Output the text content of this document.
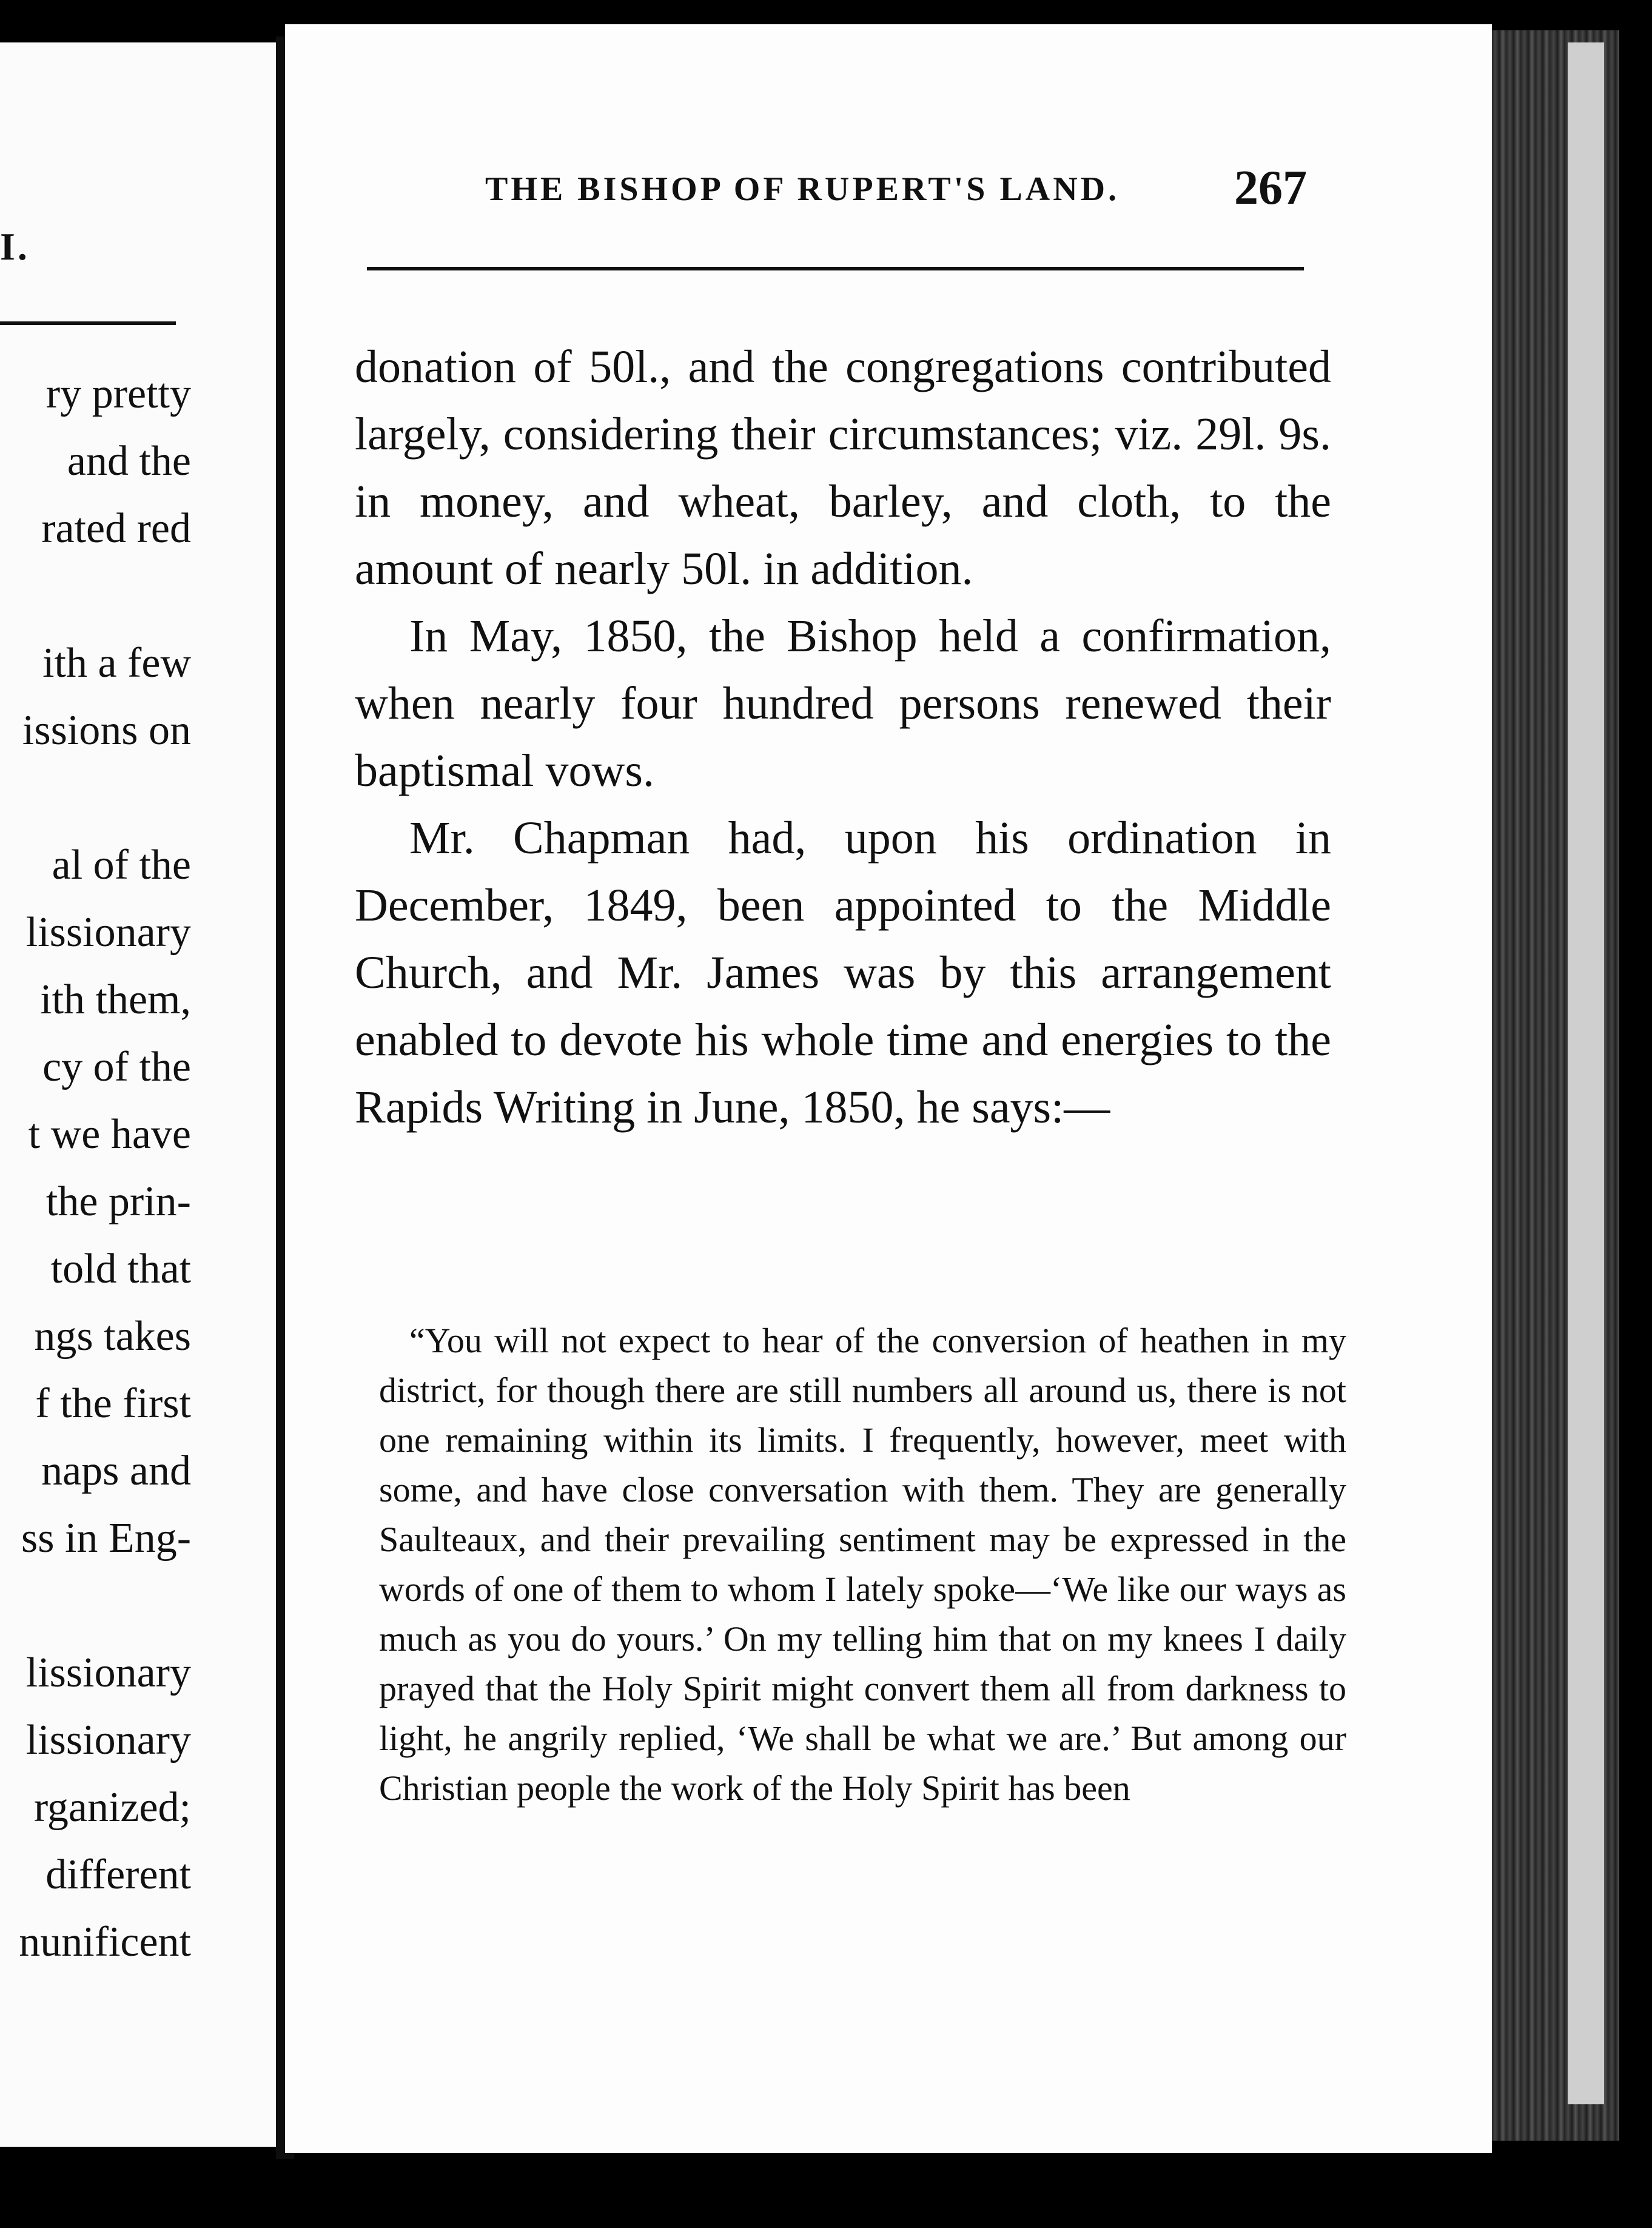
I.
ry pretty
and the
rated red
ith a few
issions on
al of the
lissionary
ith them,
cy of the
t we have
the prin-
told that
ngs takes
f the first
naps and
ss in Eng-
lissionary
lissionary
rganized;
different
nunificent
THE BISHOP OF RUPERT'S LAND. 267

donation of 50l., and the congregations contributed largely, considering their circumstances; viz. 29l. 9s. in money, and wheat, barley, and cloth, to the amount of nearly 50l. in addition.

In May, 1850, the Bishop held a confirmation, when nearly four hundred persons renewed their baptismal vows.

Mr. Chapman had, upon his ordination in December, 1849, been appointed to the Middle Church, and Mr. James was by this arrangement enabled to devote his whole time and energies to the Rapids Writing in June, 1850, he says:—

“You will not expect to hear of the conversion of heathen in my district, for though there are still numbers all around us, there is not one remaining within its limits. I frequently, however, meet with some, and have close conversation with them. They are generally Saulteaux, and their prevailing sentiment may be expressed in the words of one of them to whom I lately spoke—‘We like our ways as much as you do yours.’ On my telling him that on my knees I daily prayed that the Holy Spirit might convert them all from darkness to light, he angrily replied, ‘We shall be what we are.’ But among our Christian people the work of the Holy Spirit has been
